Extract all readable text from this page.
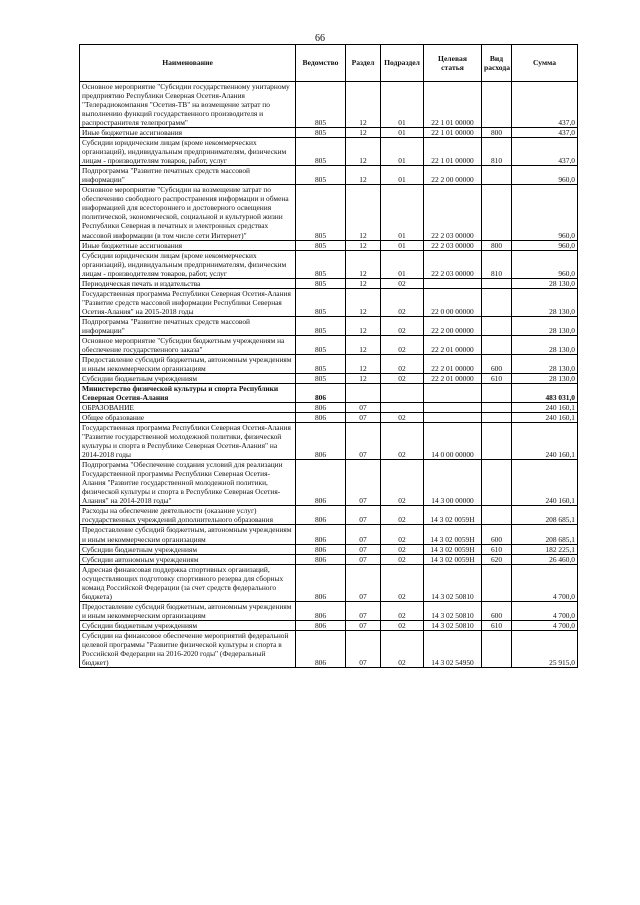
66
Наименование	Ведомство	Раздел	Подраздел	Целевая статья	Вид расхода	Сумма
Основное мероприятие "Субсидии государственному унитарному предприятию Республики Северная Осетия-Алания "Телерадиокомпания "Осетия-ТВ" на возмещение затрат по выполнению функций государственного производителя и распространителя телепрограмм"	805	12	01	22 1 01 00000		437,0
Иные бюджетные ассигнования	805	12	01	22 1 01 00000	800	437,0
Субсидии юридическим лицам (кроме некоммерческих организаций), индивидуальным предпринимателям, физическим лицам - производителям товаров, работ, услуг	805	12	01	22 1 01 00000	810	437,0
Подпрограмма "Развитие печатных средств массовой информации"	805	12	01	22 2 00 00000		960,0
Основное мероприятие "Субсидии на возмещение затрат по обеспечению свободного распространения информации и обмена информацией для всестороннего и достоверного освещения политической, экономической, социальной и культурной жизни Республики Северная в печатных и электронных средствах массовой информации (в том числе сети Интернет)"	805	12	01	22 2 03 00000		960,0
Иные бюджетные ассигнования	805	12	01	22 2 03 00000	800	960,0
Субсидии юридическим лицам (кроме некоммерческих организаций), индивидуальным предпринимателям, физическим лицам - производителям товаров, работ, услуг	805	12	01	22 2 03 00000	810	960,0
Периодическая печать и издательства	805	12	02			28 130,0
Государственная программа Республики Северная Осетия-Алания "Развитие средств массовой информации Республики Северная Осетия-Алания" на 2015-2018 годы	805	12	02	22 0 00 00000		28 130,0
Подпрограмма "Развитие печатных средств массовой информации"	805	12	02	22 2 00 00000		28 130,0
Основное мероприятие "Субсидии бюджетным учреждениям на обеспечение государственного заказа"	805	12	02	22 2 01 00000		28 130,0
Предоставление субсидий бюджетным, автономным учреждениям и иным некоммерческим организациям	805	12	02	22 2 01 00000	600	28 130,0
Субсидии бюджетным учреждениям	805	12	02	22 2 01 00000	610	28 130,0
Министерство физической культуры и спорта Республики Северная Осетия-Алания	806					483 031,0
ОБРАЗОВАНИЕ	806	07				240 160,1
Общее образование	806	07	02			240 160,1
Государственная программа Республики Северная Осетия-Алания "Развитие государственной молодежной политики, физической культуры и спорта в Республике Северная Осетия-Алания" на 2014-2018 годы	806	07	02	14 0 00 00000		240 160,1
Подпрограмма "Обеспечение создания условий для реализации Государственной программы Республики Северная Осетия-Алания "Развитие государственной молодежной политики, физической культуры и спорта в Республике Северная Осетия-Алания" на 2014-2018 годы"	806	07	02	14 3 00 00000		240 160,1
Расходы на обеспечение деятельности (оказание услуг) государственных учреждений дополнительного образования	806	07	02	14 3 02 0059Н		208 685,1
Предоставление субсидий бюджетным, автономным учреждениям и иным некоммерческим организациям	806	07	02	14 3 02 0059Н	600	208 685,1
Субсидии бюджетным учреждениям	806	07	02	14 3 02 0059Н	610	182 225,1
Субсидии автономным учреждениям	806	07	02	14 3 02 0059Н	620	26 460,0
Адресная финансовая поддержка спортивных организаций, осуществляющих подготовку спортивного резерва для сборных команд Российской Федерации (за счет средств федерального бюджета)	806	07	02	14 3 02 50810		4 700,0
Предоставление субсидий бюджетным, автономным учреждениям и иным некоммерческим организациям	806	07	02	14 3 02 50810	600	4 700,0
Субсидии бюджетным учреждениям	806	07	02	14 3 02 50810	610	4 700,0
Субсидии на финансовое обеспечение мероприятий федеральной целевой программы "Развитие физической культуры и спорта в Российской Федерации на 2016-2020 годы" (Федеральный бюджет)	806	07	02	14 3 02 54950		25 915,0
